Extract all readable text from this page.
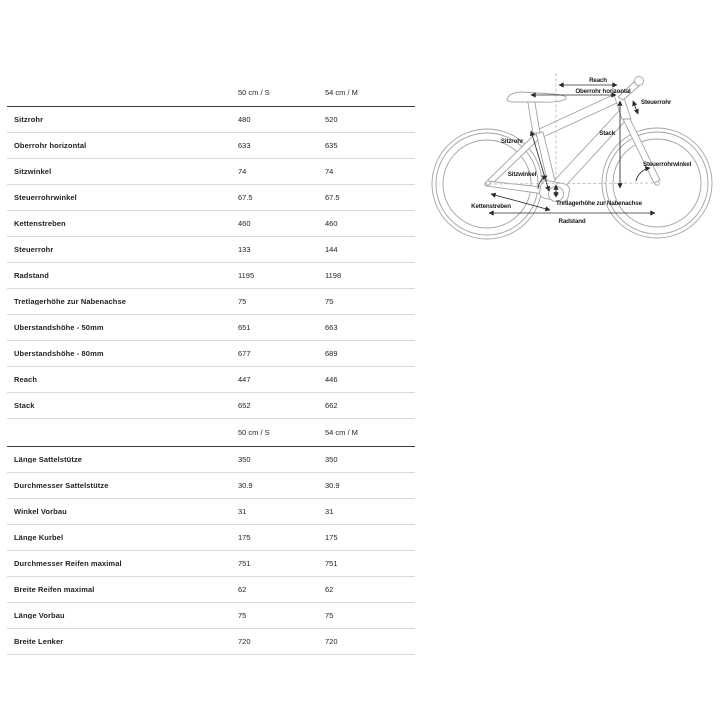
50 cm / S	54 cm / M
Sitzrohr	480	520
Oberrohr horizontal	633	635
Sitzwinkel	74	74
Steuerrohrwinkel	67.5	67.5
Kettenstreben	460	460
Steuerrohr	133	144
Radstand	1195	1198
Tretlagerhöhe zur Nabenachse	75	75
Überstandshöhe - 50mm	651	663
Überstandshöhe - 80mm	677	689
Reach	447	446
Stack	652	662
50 cm / S	54 cm / M
Länge Sattelstütze	350	350
Durchmesser Sattelstütze	30.9	30.9
Winkel Vorbau	31	31
Länge Kurbel	175	175
Durchmesser Reifen maximal	751	751
Breite Reifen maximal	62	62
Länge Vorbau	75	75
Breite Lenker	720	720
Reach
Oberrohr horizontal
Steuerrohr
Stack
Sitzrohr
Sitzwinkel
Steuerrohrwinkel
Tretlagerhöhe zur Nabenachse
Kettenstreben
Radstand
